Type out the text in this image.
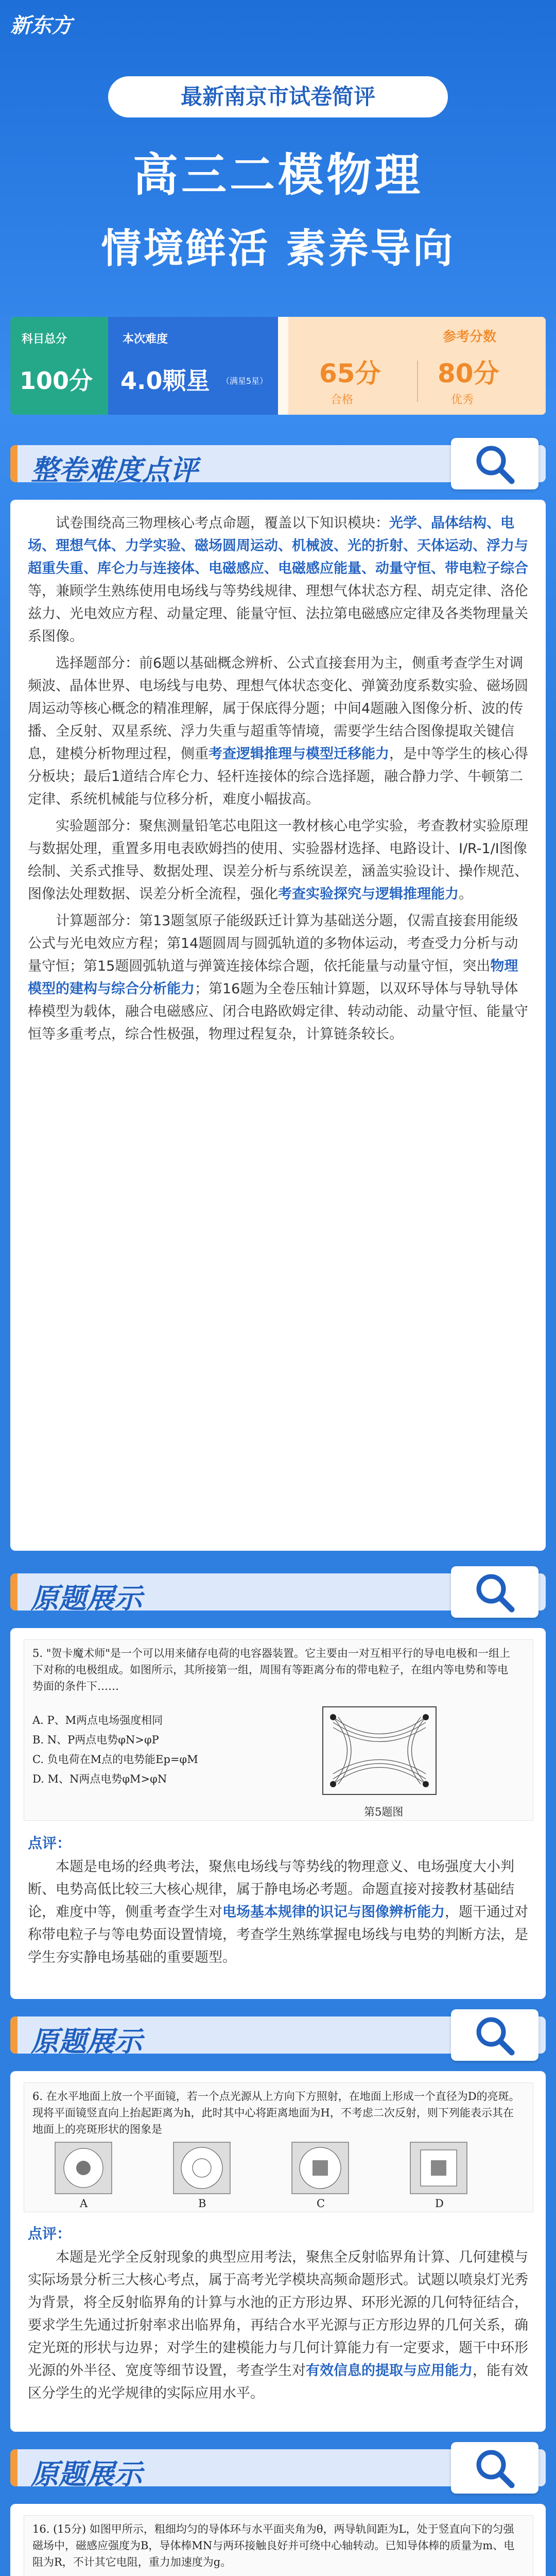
新东方
最新南京市试卷简评
高三二模物理
情境鲜活 素养导向
科目总分
100分
本次难度
4.0颗星 （满星5星）
参考分数
65分
合格
80分
优秀
整卷难度点评

试卷围绕高三物理核心考点命题，覆盖以下知识模块：光学、晶体结构、电场、理想气体、力学实验、磁场圆周运动、机械波、光的折射、天体运动、浮力与超重失重、库仑力与连接体、电磁感应、电磁感应能量、动量守恒、带电粒子综合等，兼顾学生熟练使用电场线与等势线规律、理想气体状态方程、胡克定律、洛伦兹力、光电效应方程、动量定理、能量守恒、法拉第电磁感应定律及各类物理量关系图像。

选择题部分：前6题以基础概念辨析、公式直接套用为主，侧重考查学生对调频波、晶体世界、电场线与电势、理想气体状态变化、弹簧劲度系数实验、磁场圆周运动等核心概念的精准理解，属于保底得分题；中间4题融入图像分析、波的传播、全反射、双星系统、浮力失重与超重等情境，需要学生结合图像提取关键信息，建模分析物理过程，侧重考查逻辑推理与模型迁移能力，是中等学生的核心得分板块；最后1道结合库仑力、轻杆连接体的综合选择题，融合静力学、牛顿第二定律、系统机械能与位移分析，难度小幅拔高。

实验题部分：聚焦测量铅笔芯电阻这一教材核心电学实验，考查教材实验原理与数据处理，重置多用电表欧姆挡的使用、实验器材选择、电路设计、I/R-1/I图像绘制、关系式推导、数据处理、误差分析与系统误差，涵盖实验设计、操作规范、图像法处理数据、误差分析全流程，强化考查实验探究与逻辑推理能力。

计算题部分：第13题氢原子能级跃迁计算为基础送分题，仅需直接套用能级公式与光电效应方程；第14题圆周与圆弧轨道的多物体运动，考查受力分析与动量守恒；第15题圆弧轨道与弹簧连接体综合题，依托能量与动量守恒，突出物理模型的建构与综合分析能力；第16题为全卷压轴计算题，以双环导体与导轨导体棒模型为载体，融合电磁感应、闭合电路欧姆定律、转动动能、动量守恒、能量守恒等多重考点，综合性极强，物理过程复杂，计算链条较长。

原题展示
5. "贺卡魔术师"是一个可以用来储存电荷的电容器装置。它主要由一对互相平行的导电电极和一组上下对称的电极组成。如图所示，其所接第一组，周围有等距离分布的带电粒子，在组内等电势和等电势面的条件下……
A. P、M两点电场强度相同
B. N、P两点电势φN>φP
C. 负电荷在M点的电势能Ep=φM
D. M、N两点电势φM>φN
第5题图
点评：

本题是电场的经典考法，聚焦电场线与等势线的物理意义、电场强度大小判断、电势高低比较三大核心规律，属于静电场必考题。命题直接对接教材基础结论，难度中等，侧重考查学生对电场基本规律的识记与图像辨析能力，题干通过对称带电粒子与等电势面设置情境，考查学生熟练掌握电场线与电势的判断方法，是学生夯实静电场基础的重要题型。

原题展示
6. 在水平地面上放一个平面镜，若一个点光源从上方向下方照射，在地面上形成一个直径为D的亮斑。现将平面镜竖直向上抬起距离为h，此时其中心将距离地面为H，不考虑二次反射，则下列能表示其在地面上的亮斑形状的图象是
A	B	C	D
点评：

本题是光学全反射现象的典型应用考法，聚焦全反射临界角计算、几何建模与实际场景分析三大核心考点，属于高考光学模块高频命题形式。试题以喷泉灯光秀为背景，将全反射临界角的计算与水池的正方形边界、环形光源的几何特征结合，要求学生先通过折射率求出临界角，再结合水平光源与正方形边界的几何关系，确定光斑的形状与边界；对学生的建模能力与几何计算能力有一定要求，题干中环形光源的外半径、宽度等细节设置，考查学生对有效信息的提取与应用能力，能有效区分学生的光学规律的实际应用水平。

原题展示
16. (15分) 如图甲所示，粗细均匀的导体环与水平面夹角为θ，两导轨间距为L，处于竖直向下的匀强磁场中，磁感应强度为B，导体棒MN与两环接触良好并可绕中心轴转动。已知导体棒的质量为m、电阻为R，不计其它电阻，重力加速度为g。
